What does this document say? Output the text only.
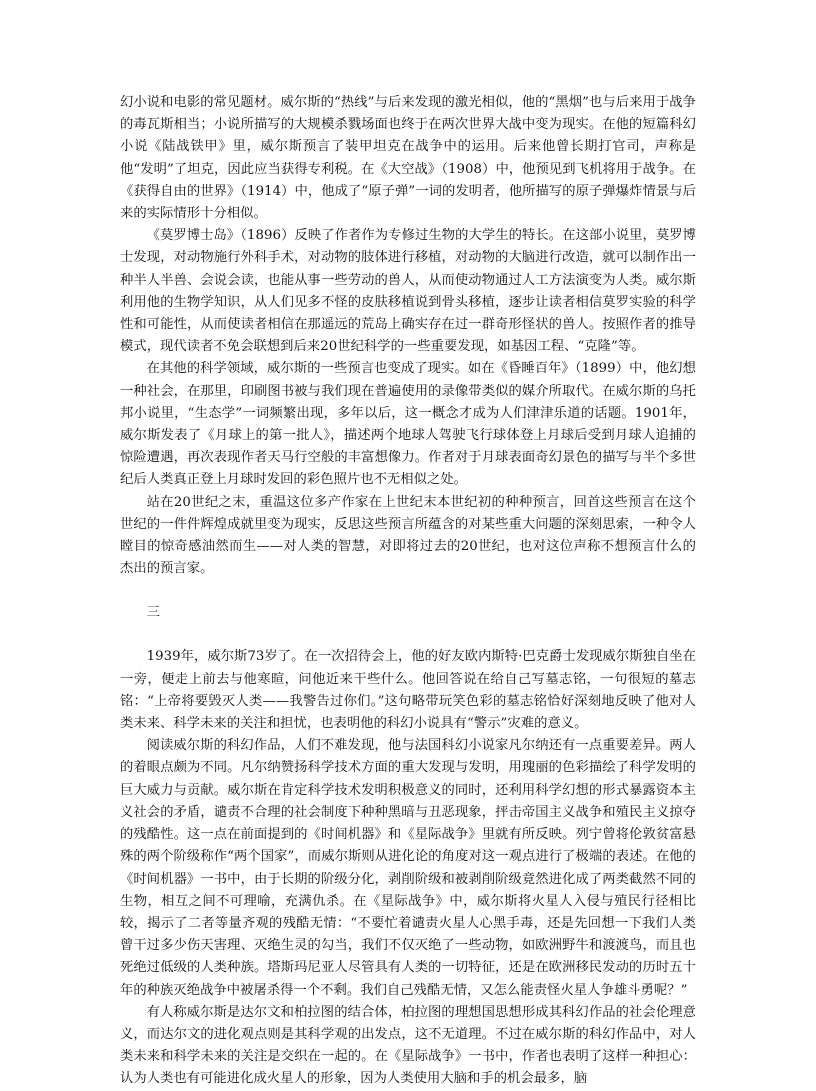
幻小说和电影的常见题材。威尔斯的“热线”与后来发现的激光相似，他的“黑烟”也与后来用于战争的毒瓦斯相当；小说所描写的大规模杀戮场面也终于在两次世界大战中变为现实。在他的短篇科幻小说《陆战铁甲》里，威尔斯预言了装甲坦克在战争中的运用。后来他曾长期打官司，声称是他“发明”了坦克，因此应当获得专利税。在《大空战》（1908）中，他预见到飞机将用于战争。在《获得自由的世界》（1914）中，他成了“原子弹”一词的发明者，他所描写的原子弹爆炸情景与后来的实际情形十分相似。

《莫罗博士岛》（1896）反映了作者作为专修过生物的大学生的特长。在这部小说里，莫罗博士发现，对动物施行外科手术，对动物的肢体进行移植，对动物的大脑进行改造，就可以制作出一种半人半兽、会说会读，也能从事一些劳动的兽人，从而使动物通过人工方法演变为人类。威尔斯利用他的生物学知识，从人们见多不怪的皮肤移植说到骨头移植，逐步让读者相信莫罗实验的科学性和可能性，从而使读者相信在那遥远的荒岛上确实存在过一群奇形怪状的兽人。按照作者的推导模式，现代读者不免会联想到后来20世纪科学的一些重要发现，如基因工程、“克隆”等。

在其他的科学领域，威尔斯的一些预言也变成了现实。如在《昏睡百年》（1899）中，他幻想一种社会，在那里，印刷图书被与我们现在普遍使用的录像带类似的媒介所取代。在威尔斯的乌托邦小说里，“生态学”一词频繁出现，多年以后，这一概念才成为人们津津乐道的话题。1901年，威尔斯发表了《月球上的第一批人》，描述两个地球人驾驶飞行球体登上月球后受到月球人追捕的惊险遭遇，再次表现作者天马行空般的丰富想像力。作者对于月球表面奇幻景色的描写与半个多世纪后人类真正登上月球时发回的彩色照片也不无相似之处。

站在20世纪之末，重温这位多产作家在上世纪末本世纪初的种种预言，回首这些预言在这个世纪的一件件辉煌成就里变为现实，反思这些预言所蕴含的对某些重大问题的深刻思索，一种令人瞠目的惊奇感油然而生——对人类的智慧，对即将过去的20世纪，也对这位声称不想预言什么的杰出的预言家。

三

1939年，威尔斯73岁了。在一次招待会上，他的好友欧内斯特·巴克爵士发现威尔斯独自坐在一旁，便走上前去与他寒暄，问他近来干些什么。他回答说在给自己写墓志铭，一句很短的墓志铭：“上帝将要毁灭人类——我警告过你们。”这句略带玩笑色彩的墓志铭恰好深刻地反映了他对人类未来、科学未来的关注和担忧，也表明他的科幻小说具有“警示”灾难的意义。

阅读威尔斯的科幻作品，人们不难发现，他与法国科幻小说家凡尔纳还有一点重要差异。两人的着眼点颇为不同。凡尔纳赞扬科学技术方面的重大发现与发明，用瑰丽的色彩描绘了科学发明的巨大威力与贡献。威尔斯在肯定科学技术发明积极意义的同时，还利用科学幻想的形式暴露资本主义社会的矛盾，谴责不合理的社会制度下种种黑暗与丑恶现象，抨击帝国主义战争和殖民主义掠夺的残酷性。这一点在前面提到的《时间机器》和《星际战争》里就有所反映。列宁曾将伦敦贫富悬殊的两个阶级称作“两个国家”，而威尔斯则从进化论的角度对这一观点进行了极端的表述。在他的《时间机器》一书中，由于长期的阶级分化，剥削阶级和被剥削阶级竟然进化成了两类截然不同的生物，相互之间不可理喻，充满仇杀。在《星际战争》中，威尔斯将火星人入侵与殖民行径相比较，揭示了二者等量齐观的残酷无情：“不要忙着谴责火星人心黑手毒，还是先回想一下我们人类曾干过多少伤天害理、灭绝生灵的勾当，我们不仅灭绝了一些动物，如欧洲野牛和渡渡鸟，而且也死绝过低级的人类种族。塔斯玛尼亚人尽管具有人类的一切特征，还是在欧洲移民发动的历时五十年的种族灭绝战争中被屠杀得一个不剩。我们自己残酷无情，又怎么能责怪火星人争雄斗勇呢？”

有人称威尔斯是达尔文和柏拉图的结合体，柏拉图的理想国思想形成其科幻作品的社会伦理意义，而达尔文的进化观点则是其科学观的出发点，这不无道理。不过在威尔斯的科幻作品中，对人类未来和科学未来的关注是交织在一起的。在《星际战争》一书中，作者也表明了这样一种担心：认为人类也有可能进化成火星人的形象，因为人类使用大脑和手的机会最多，脑
